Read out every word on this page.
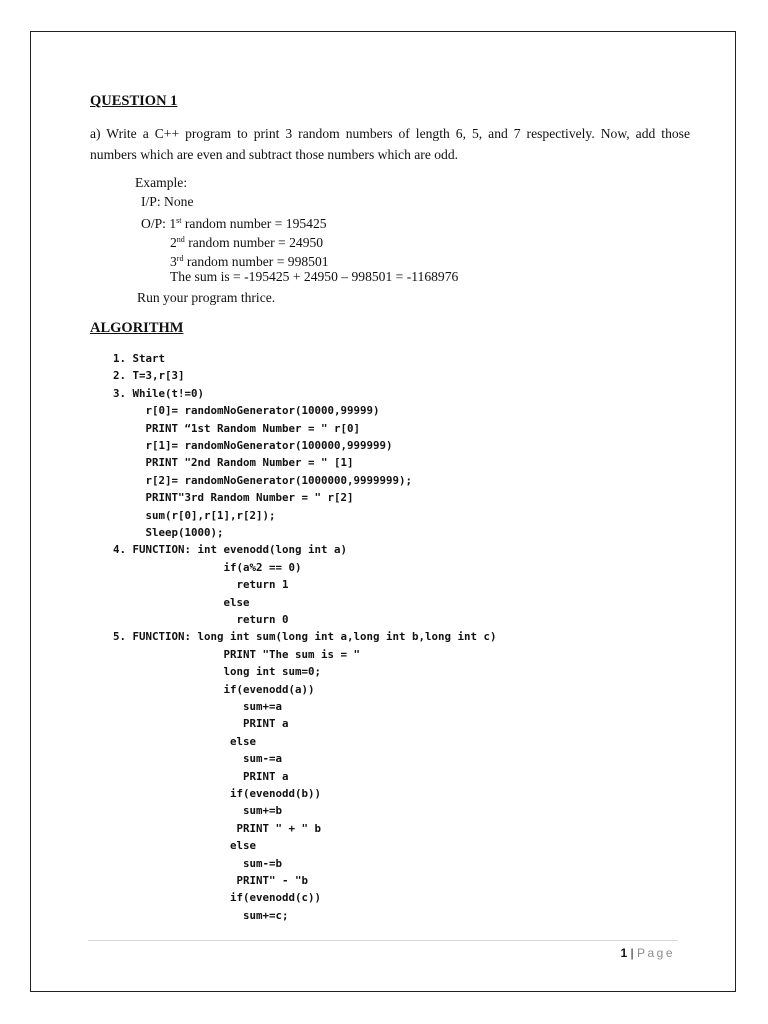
QUESTION 1
a) Write a C++ program to print 3 random numbers of length 6, 5, and 7 respectively. Now, add those numbers which are even and subtract those numbers which are odd.
Example:
I/P: None
O/P: 1st random number = 195425
2nd random number = 24950
3rd random number = 998501
The sum is = -195425 + 24950 – 998501 = -1168976
Run your program thrice.
ALGORITHM
1. Start
2. T=3,r[3]
3. While(t!=0)
r[0]= randomNoGenerator(10000,99999)
PRINT “1st Random Number = " r[0]
r[1]= randomNoGenerator(100000,999999)
PRINT "2nd Random Number = " [1]
r[2]= randomNoGenerator(1000000,9999999);
PRINT"3rd Random Number = " r[2]
sum(r[0],r[1],r[2]);
Sleep(1000);
4. FUNCTION: int evenodd(long int a)
if(a%2 == 0)
return 1
else
return 0
5. FUNCTION: long int sum(long int a,long int b,long int c)
PRINT "The sum is = "
long int sum=0;
if(evenodd(a))
sum+=a
PRINT a
else
sum-=a
PRINT a
if(evenodd(b))
sum+=b
PRINT " + " b
else
sum-=b
PRINT" - "b
if(evenodd(c))
sum+=c;
1 | Page
